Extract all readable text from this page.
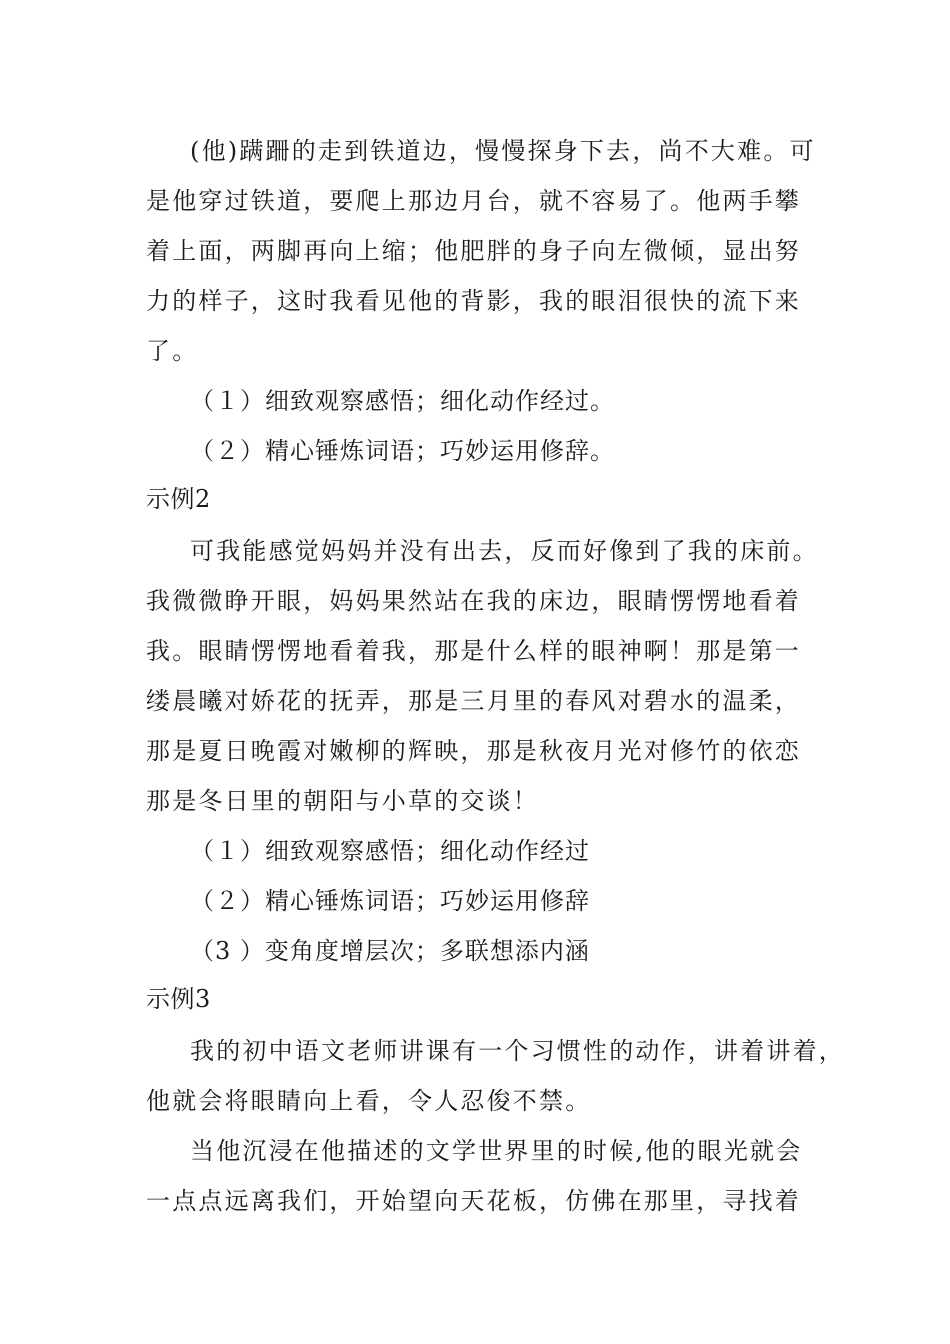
(他)蹒跚的走到铁道边，慢慢探身下去，尚不大难。可
是他穿过铁道，要爬上那边月台，就不容易了。他两手攀
着上面，两脚再向上缩；他肥胖的身子向左微倾，显出努
力的样子，这时我看见他的背影，我的眼泪很快的流下来
了。
（１）细致观察感悟；细化动作经过。
（２）精心锤炼词语；巧妙运用修辞。
示例2
可我能感觉妈妈并没有出去，反而好像到了我的床前。
我微微睁开眼，妈妈果然站在我的床边，眼睛愣愣地看着
我。眼睛愣愣地看着我，那是什么样的眼神啊！那是第一
缕晨曦对娇花的抚弄，那是三月里的春风对碧水的温柔，
那是夏日晚霞对嫩柳的辉映，那是秋夜月光对修竹的依恋
那是冬日里的朝阳与小草的交谈！
（１）细致观察感悟；细化动作经过
（２）精心锤炼词语；巧妙运用修辞
（3 ）变角度增层次；多联想添内涵
示例3
我的初中语文老师讲课有一个习惯性的动作，讲着讲着，
他就会将眼睛向上看，令人忍俊不禁。
当他沉浸在他描述的文学世界里的时候,他的眼光就会
一点点远离我们，开始望向天花板，仿佛在那里，寻找着
